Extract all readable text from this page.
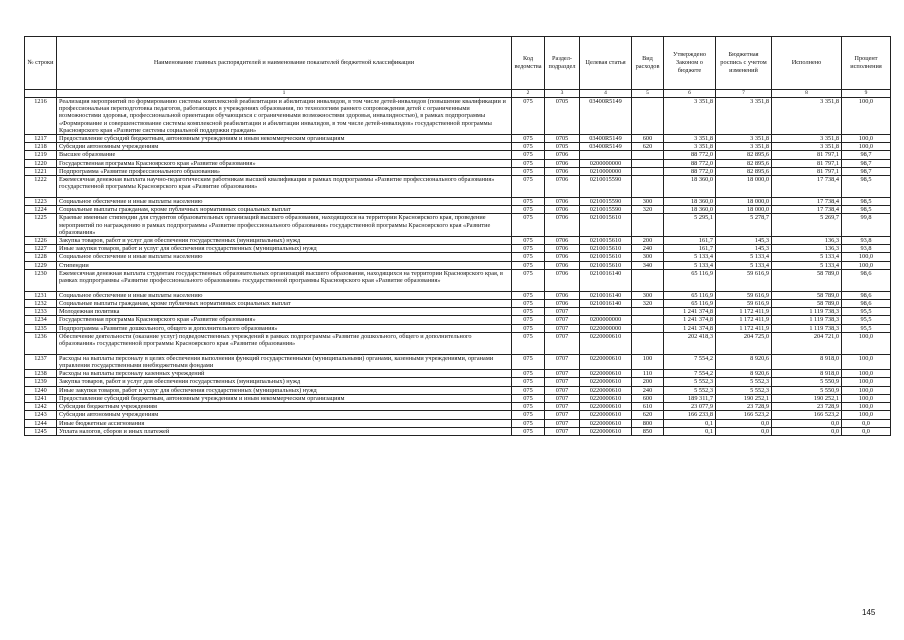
№ строки	Наименование главных распорядителей и наименование показателей бюджетной классификации	Код ведомства	Раздел-подраздел	Целевая статья	Вид расходов	Утверждено Законом о бюджете	Бюджетная роспись с учетом изменений	Исполнено	Процент исполнения
	1	2	3	4	5	6	7	8	9
1216	Реализация мероприятий по формированию системы комплексной реабилитации и абилитации инвалидов, в том числе детей-инвалидов (повышение квалификации и профессиональная переподготовка педагогов, работающих в учреждениях образования, по технологиям раннего сопровождения детей с ограниченными возможностями здоровья, профессиональной ориентации обучающихся с ограниченными возможностями здоровья, инвалидностью), в рамках подпрограммы «Формирование и совершенствование системы комплексной реабилитации и абилитации инвалидов, в том числе детей-инвалидов» государственной программы Красноярского края «Развитие системы социальной поддержки граждан»	075	0705	03400R5149		3 351,8	3 351,8	3 351,8	100,0
1217	Предоставление субсидий бюджетным, автономным учреждениям и иным некоммерческим организациям	075	0705	03400R5149	600	3 351,8	3 351,8	3 351,8	100,0
1218	Субсидии автономным учреждениям	075	0705	03400R5149	620	3 351,8	3 351,8	3 351,8	100,0
1219	Высшее образование	075	0706			88 772,0	82 895,6	81 797,1	98,7
1220	Государственная программа Красноярского края «Развитие образования»	075	0706	0200000000		88 772,0	82 895,6	81 797,1	98,7
1221	Подпрограмма «Развитие профессионального образования»	075	0706	0210000000		88 772,0	82 895,6	81 797,1	98,7
1222	Ежемесячная денежная выплата научно-педагогическим работникам высшей квалификации в рамках подпрограммы «Развитие профессионального образования» государственной программы Красноярского края «Развитие образования»	075	0706	0210015590		18 360,0	18 000,0	17 738,4	98,5
1223	Социальное обеспечение и иные выплаты населению	075	0706	0210015590	300	18 360,0	18 000,0	17 738,4	98,5
1224	Социальные выплаты гражданам, кроме публичных нормативных социальных выплат	075	0706	0210015590	320	18 360,0	18 000,0	17 738,4	98,5
1225	Краевые именные стипендии для студентов образовательных организаций высшего образования, находящихся на территории Красноярского края, проведение мероприятий по награждению в рамках подпрограммы «Развитие профессионального образования» государственной программы Красноярского края «Развитие образования»	075	0706	0210015610		5 295,1	5 278,7	5 269,7	99,8
1226	Закупка товаров, работ и услуг для обеспечения государственных (муниципальных) нужд	075	0706	0210015610	200	161,7	145,3	136,3	93,8
1227	Иные закупки товаров, работ и услуг для обеспечения государственных (муниципальных) нужд	075	0706	0210015610	240	161,7	145,3	136,3	93,8
1228	Социальное обеспечение и иные выплаты населению	075	0706	0210015610	300	5 133,4	5 133,4	5 133,4	100,0
1229	Стипендии	075	0706	0210015610	340	5 133,4	5 133,4	5 133,4	100,0
1230	Ежемесячная денежная выплата студентам государственных образовательных организаций высшего образования, находящихся на территории Красноярского края, в рамках подпрограммы «Развитие профессионального образования» государственной программы Красноярского края «Развитие образования»	075	0706	0210016140		65 116,9	59 616,9	58 789,0	98,6
1231	Социальное обеспечение и иные выплаты населению	075	0706	0210016140	300	65 116,9	59 616,9	58 789,0	98,6
1232	Социальные выплаты гражданам, кроме публичных нормативных социальных выплат	075	0706	0210016140	320	65 116,9	59 616,9	58 789,0	98,6
1233	Молодежная политика	075	0707			1 241 374,8	1 172 411,9	1 119 738,3	95,5
1234	Государственная программа Красноярского края «Развитие образования»	075	0707	0200000000		1 241 374,8	1 172 411,9	1 119 738,3	95,5
1235	Подпрограмма «Развитие дошкольного, общего и дополнительного образования»	075	0707	0220000000		1 241 374,8	1 172 411,9	1 119 738,3	95,5
1236	Обеспечение деятельности (оказание услуг) подведомственных учреждений в рамках подпрограммы «Развитие дошкольного, общего и дополнительного образования» государственной программы Красноярского края «Развитие образования»	075	0707	0220000610		202 418,3	204 725,0	204 721,0	100,0
1237	Расходы на выплаты персоналу в целях обеспечения выполнения функций государственными (муниципальными) органами, казенными учреждениями, органами управления государственными внебюджетными фондами	075	0707	0220000610	100	7 554,2	8 920,6	8 918,0	100,0
1238	Расходы на выплаты персоналу казенных учреждений	075	0707	0220000610	110	7 554,2	8 920,6	8 918,0	100,0
1239	Закупка товаров, работ и услуг для обеспечения государственных (муниципальных) нужд	075	0707	0220000610	200	5 552,3	5 552,3	5 550,9	100,0
1240	Иные закупки товаров, работ и услуг для обеспечения государственных (муниципальных) нужд	075	0707	0220000610	240	5 552,3	5 552,3	5 550,9	100,0
1241	Предоставление субсидий бюджетным, автономным учреждениям и иным некоммерческим организациям	075	0707	0220000610	600	189 311,7	190 252,1	190 252,1	100,0
1242	Субсидии бюджетным учреждениям	075	0707	0220000610	610	23 077,9	23 728,9	23 728,9	100,0
1243	Субсидии автономным учреждениям	075	0707	0220000610	620	166 233,8	166 523,2	166 523,2	100,0
1244	Иные бюджетные ассигнования	075	0707	0220000610	800	0,1	0,0	0,0	0,0
1245	Уплата налогов, сборов и иных платежей	075	0707	0220000610	850	0,1	0,0	0,0	0,0
145
